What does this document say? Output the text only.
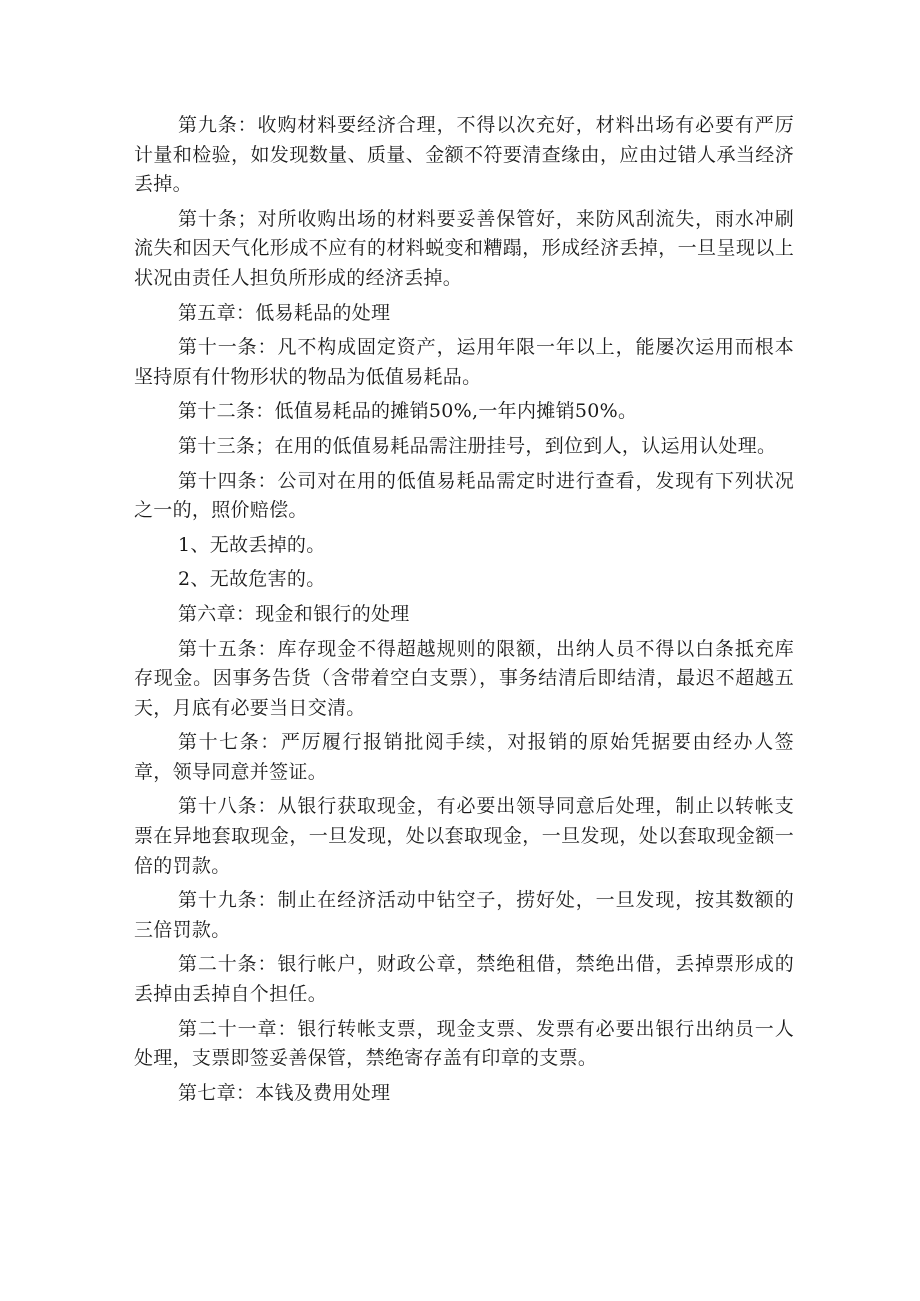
第九条：收购材料要经济合理，不得以次充好，材料出场有必要有严厉计量和检验，如发现数量、质量、金额不符要清查缘由，应由过错人承当经济丢掉。

第十条；对所收购出场的材料要妥善保管好，来防风刮流失，雨水冲刷流失和因天气化形成不应有的材料蜕变和糟蹋，形成经济丢掉，一旦呈现以上状况由责任人担负所形成的经济丢掉。

第五章：低易耗品的处理

第十一条：凡不构成固定资产，运用年限一年以上，能屡次运用而根本坚持原有什物形状的物品为低值易耗品。

第十二条：低值易耗品的摊销50%,一年内摊销50%。

第十三条；在用的低值易耗品需注册挂号，到位到人，认运用认处理。

第十四条：公司对在用的低值易耗品需定时进行查看，发现有下列状况之一的，照价赔偿。

1、无故丢掉的。

2、无故危害的。

第六章：现金和银行的处理

第十五条：库存现金不得超越规则的限额，出纳人员不得以白条抵充库存现金。因事务告货（含带着空白支票），事务结清后即结清，最迟不超越五天，月底有必要当日交清。

第十七条：严厉履行报销批阅手续，对报销的原始凭据要由经办人签章，领导同意并签证。

第十八条：从银行获取现金，有必要出领导同意后处理，制止以转帐支票在异地套取现金，一旦发现，处以套取现金，一旦发现，处以套取现金额一倍的罚款。

第十九条：制止在经济活动中钻空子，捞好处，一旦发现，按其数额的三倍罚款。

第二十条：银行帐户，财政公章，禁绝租借，禁绝出借，丢掉票形成的丢掉由丢掉自个担任。

第二十一章：银行转帐支票，现金支票、发票有必要出银行出纳员一人处理，支票即签妥善保管，禁绝寄存盖有印章的支票。

第七章：本钱及费用处理
